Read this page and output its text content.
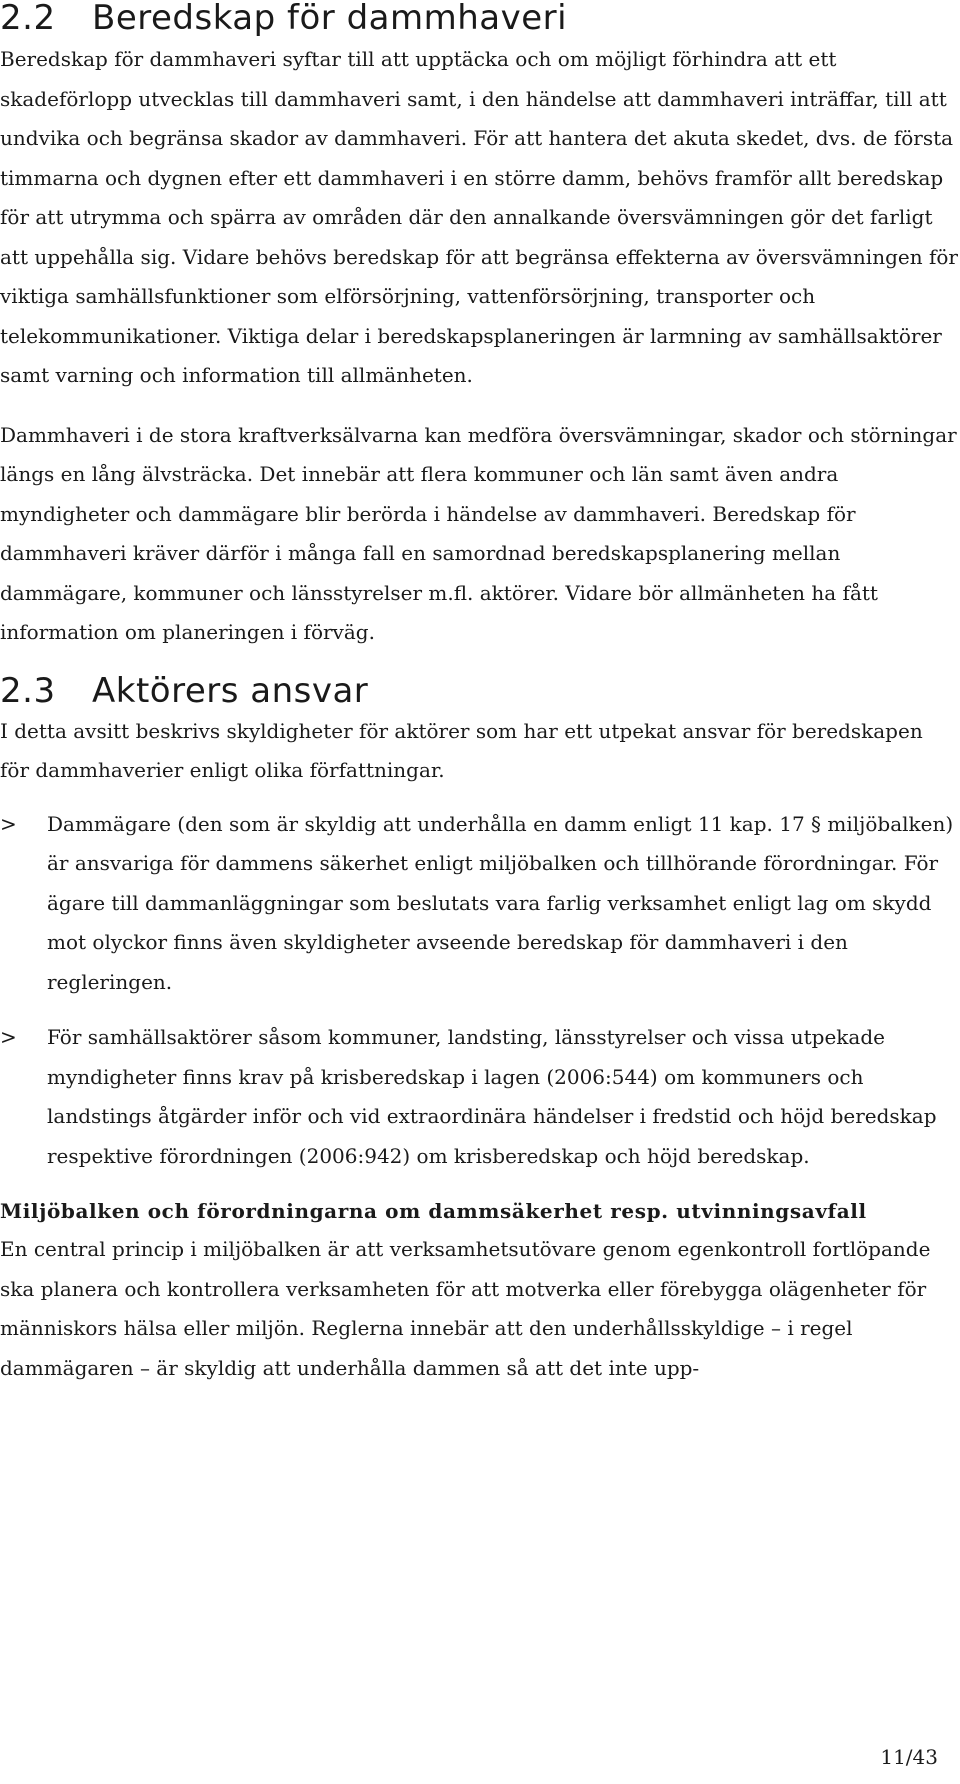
2.2 Beredskap för dammhaveri

Beredskap för dammhaveri syftar till att upptäcka och om möjligt förhindra att ett skadeförlopp utvecklas till dammhaveri samt, i den händelse att dammhaveri inträffar, till att undvika och begränsa skador av dammhaveri. För att hantera det akuta skedet, dvs. de första timmarna och dygnen efter ett dammhaveri i en större damm, behövs framför allt beredskap för att utrymma och spärra av områden där den annalkande översvämningen gör det farligt att uppehålla sig. Vidare behövs beredskap för att begränsa effekterna av översvämningen för viktiga samhällsfunktioner som elförsörjning, vattenförsörjning, transporter och telekommunikationer. Viktiga delar i beredskapsplaneringen är larmning av samhällsaktörer samt varning och information till allmänheten.

Dammhaveri i de stora kraftverksälvarna kan medföra översvämningar, skador och störningar längs en lång älvsträcka. Det innebär att flera kommuner och län samt även andra myndigheter och dammägare blir berörda i händelse av dammhaveri. Beredskap för dammhaveri kräver därför i många fall en samordnad beredskapsplanering mellan dammägare, kommuner och länsstyrelser m.fl. aktörer. Vidare bör allmänheten ha fått information om planeringen i förväg.

2.3 Aktörers ansvar

I detta avsitt beskrivs skyldigheter för aktörer som har ett utpekat ansvar för beredskapen för dammhaverier enligt olika författningar.

> Dammägare (den som är skyldig att underhålla en damm enligt 11 kap. 17 § miljöbalken) är ansvariga för dammens säkerhet enligt miljöbalken och tillhörande förordningar. För ägare till dammanläggningar som beslutats vara farlig verksamhet enligt lag om skydd mot olyckor finns även skyldigheter avseende beredskap för dammhaveri i den regleringen.
> För samhällsaktörer såsom kommuner, landsting, länsstyrelser och vissa utpekade myndigheter finns krav på krisberedskap i lagen (2006:544) om kommuners och landstings åtgärder inför och vid extraordinära händelser i fredstid och höjd beredskap respektive förordningen (2006:942) om krisberedskap och höjd beredskap.
Miljöbalken och förordningarna om dammsäkerhet resp. utvinningsavfall

En central princip i miljöbalken är att verksamhetsutövare genom egenkontroll fortlöpande ska planera och kontrollera verksamheten för att motverka eller förebygga olägenheter för människors hälsa eller miljön. Reglerna innebär att den underhållsskyldige – i regel dammägaren – är skyldig att underhålla dammen så att det inte upp-

11/43
